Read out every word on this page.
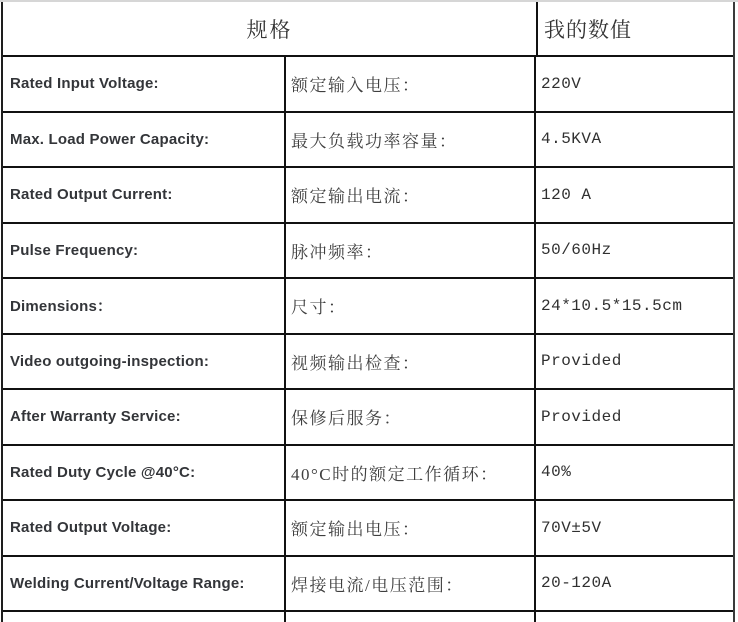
规格	我的数值
Rated Input Voltage:	额定输入电压：	220V
Max. Load Power Capacity:	最大负载功率容量：	4.5KVA
Rated Output Current:	额定输出电流：	120 A
Pulse Frequency:	脉冲频率：	50/60Hz
Dimensions：	尺寸：	24*10.5*15.5cm
Video outgoing-inspection:	视频输出检查：	Provided
After Warranty Service:	保修后服务：	Provided
Rated Duty Cycle @40°C:	40°C时的额定工作循环：	40%
Rated Output Voltage:	额定输出电压：	70V±5V
Welding Current/Voltage Range:	焊接电流/电压范围：	20-120A
